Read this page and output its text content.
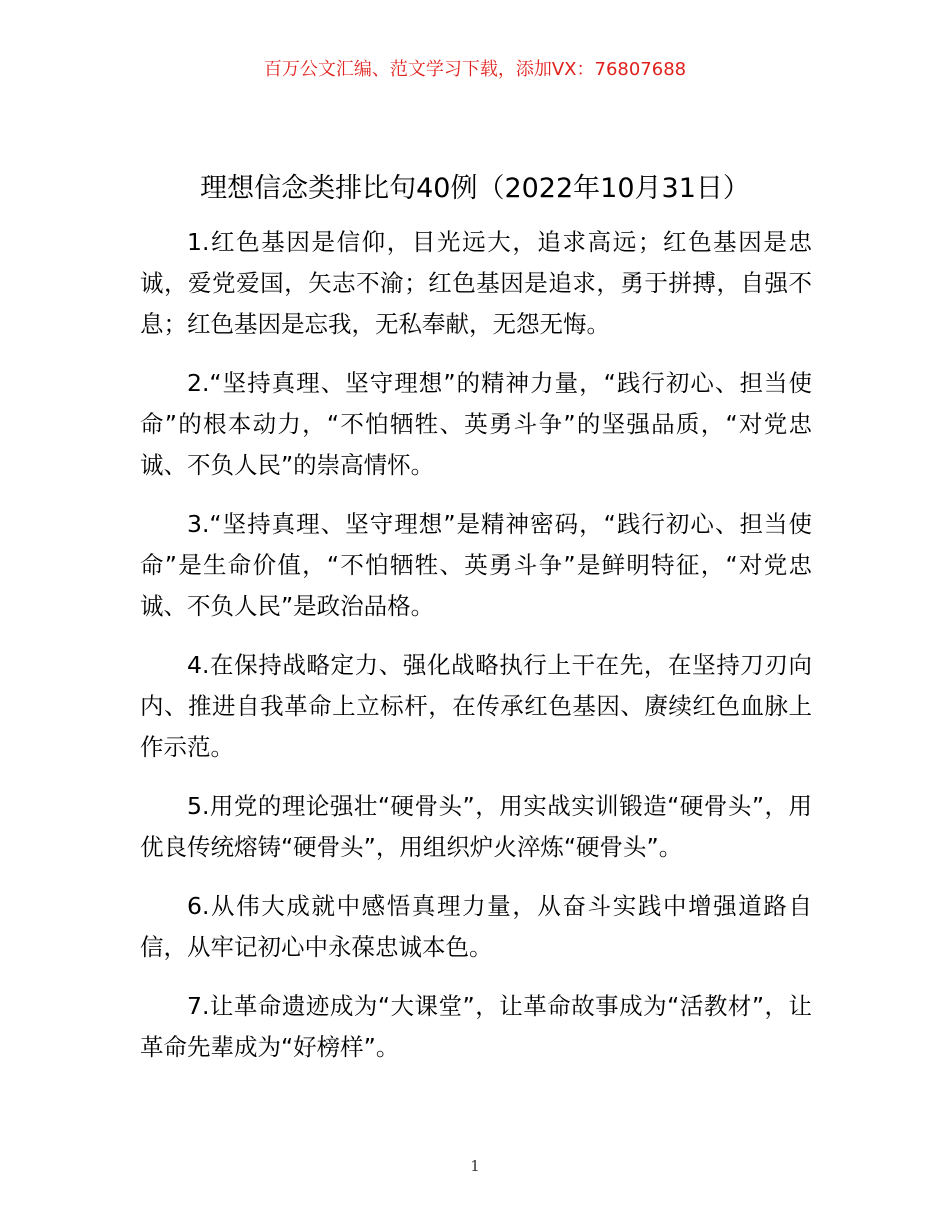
百万公文汇编、范文学习下载，添加VX：76807688
理想信念类排比句40例（2022年10月31日）

1.红色基因是信仰，目光远大，追求高远；红色基因是忠诚，爱党爱国，矢志不渝；红色基因是追求，勇于拼搏，自强不息；红色基因是忘我，无私奉献，无怨无悔。

2.“坚持真理、坚守理想”的精神力量，“践行初心、担当使命”的根本动力，“不怕牺牲、英勇斗争”的坚强品质，“对党忠诚、不负人民”的崇高情怀。

3.“坚持真理、坚守理想”是精神密码，“践行初心、担当使命”是生命价值，“不怕牺牲、英勇斗争”是鲜明特征，“对党忠诚、不负人民”是政治品格。

4.在保持战略定力、强化战略执行上干在先，在坚持刀刃向内、推进自我革命上立标杆，在传承红色基因、赓续红色血脉上作示范。

5.用党的理论强壮“硬骨头”，用实战实训锻造“硬骨头”，用优良传统熔铸“硬骨头”，用组织炉火淬炼“硬骨头”。

6.从伟大成就中感悟真理力量，从奋斗实践中增强道路自信，从牢记初心中永葆忠诚本色。

7.让革命遗迹成为“大课堂”，让革命故事成为“活教材”，让革命先辈成为“好榜样”。

1
